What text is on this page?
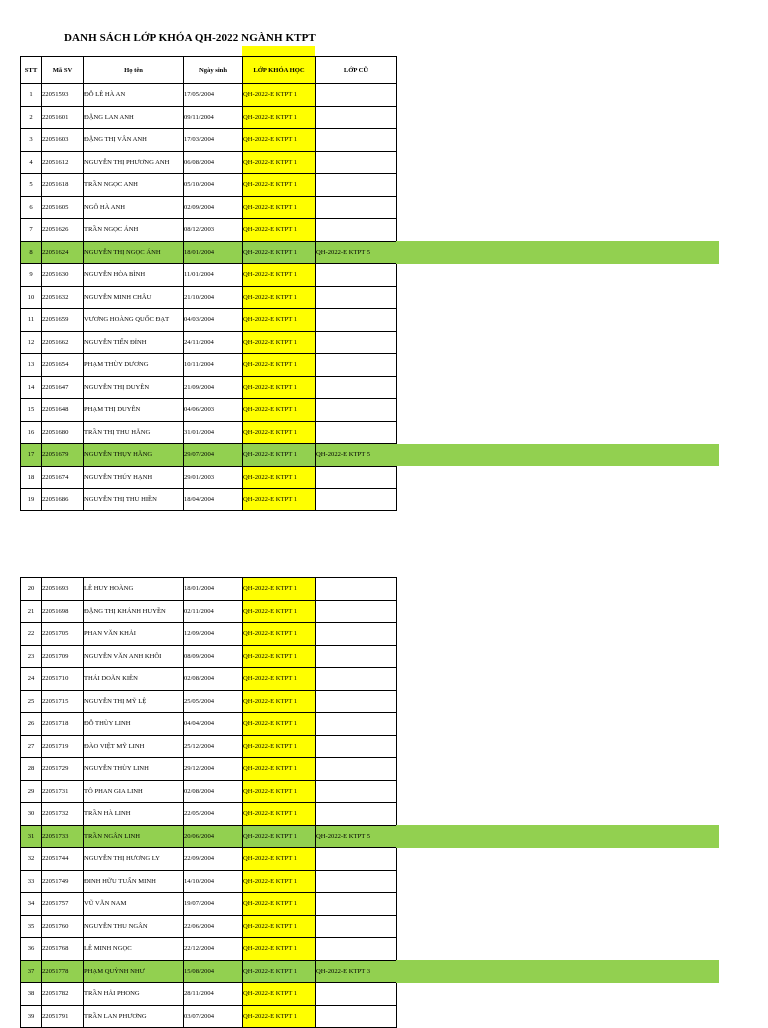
DANH SÁCH LỚP KHÓA QH-2022 NGÀNH KTPT
STT	Mã SV	Họ tên	Ngày sinh	LỚP KHÓA HỌC	LỚP CŨ
1	22051593	ĐỖ LÊ HÀ AN	17/05/2004	QH-2022-E KTPT 1	
2	22051601	ĐẶNG LAN ANH	09/11/2004	QH-2022-E KTPT 1	
3	22051603	ĐẶNG THỊ VÂN ANH	17/03/2004	QH-2022-E KTPT 1	
4	22051612	NGUYỄN THỊ PHƯƠNG ANH	06/08/2004	QH-2022-E KTPT 1	
5	22051618	TRẦN NGỌC ANH	05/10/2004	QH-2022-E KTPT 1	
6	22051605	NGÔ HÀ ANH	02/09/2004	QH-2022-E KTPT 1	
7	22051626	TRẦN NGỌC ÁNH	08/12/2003	QH-2022-E KTPT 1	
8	22051624	NGUYỄN THỊ NGỌC ÁNH	18/01/2004	QH-2022-E KTPT 1	QH-2022-E KTPT 5
9	22051630	NGUYỄN HÒA BÌNH	11/01/2004	QH-2022-E KTPT 1	
10	22051632	NGUYỄN MINH CHÂU	21/10/2004	QH-2022-E KTPT 1	
11	22051659	VƯƠNG HOÀNG QUỐC ĐẠT	04/03/2004	QH-2022-E KTPT 1	
12	22051662	NGUYỄN TIẾN ĐỈNH	24/11/2004	QH-2022-E KTPT 1	
13	22051654	PHẠM THÙY DƯƠNG	10/11/2004	QH-2022-E KTPT 1	
14	22051647	NGUYỄN THỊ DUYÊN	21/09/2004	QH-2022-E KTPT 1	
15	22051648	PHẠM THỊ DUYÊN	04/06/2003	QH-2022-E KTPT 1	
16	22051680	TRẦN THỊ THU HẰNG	31/01/2004	QH-2022-E KTPT 1	
17	22051679	NGUYỄN THỤY HẰNG	29/07/2004	QH-2022-E KTPT 1	QH-2022-E KTPT 5
18	22051674	NGUYỄN THÚY HẠNH	29/01/2003	QH-2022-E KTPT 1	
19	22051686	NGUYỄN THỊ THU HIỀN	18/04/2004	QH-2022-E KTPT 1	
20	22051693	LÊ HUY HOÀNG	18/01/2004	QH-2022-E KTPT 1	
21	22051698	ĐẶNG THỊ KHÁNH HUYỀN	02/11/2004	QH-2022-E KTPT 1	
22	22051705	PHAN VĂN KHẢI	12/09/2004	QH-2022-E KTPT 1	
23	22051709	NGUYỄN VĂN ANH KHÔI	08/09/2004	QH-2022-E KTPT 1	
24	22051710	THÁI DOÃN KIÊN	02/08/2004	QH-2022-E KTPT 1	
25	22051715	NGUYỄN THỊ MỸ LỆ	25/05/2004	QH-2022-E KTPT 1	
26	22051718	ĐỖ THÙY LINH	04/04/2004	QH-2022-E KTPT 1	
27	22051719	ĐÀO VIỆT MỸ LINH	25/12/2004	QH-2022-E KTPT 1	
28	22051729	NGUYỄN THÙY LINH	29/12/2004	QH-2022-E KTPT 1	
29	22051731	TÔ PHAN GIA LINH	02/08/2004	QH-2022-E KTPT 1	
30	22051732	TRẦN HÀ LINH	22/05/2004	QH-2022-E KTPT 1	
31	22051733	TRẦN NGÂN LINH	20/06/2004	QH-2022-E KTPT 1	QH-2022-E KTPT 5
32	22051744	NGUYỄN THỊ HƯƠNG LY	22/09/2004	QH-2022-E KTPT 1	
33	22051749	ĐINH HỮU TUẤN MINH	14/10/2004	QH-2022-E KTPT 1	
34	22051757	VŨ VĂN NAM	19/07/2004	QH-2022-E KTPT 1	
35	22051760	NGUYỄN THU NGÂN	22/06/2004	QH-2022-E KTPT 1	
36	22051768	LÊ MINH NGỌC	22/12/2004	QH-2022-E KTPT 1	
37	22051778	PHẠM QUỲNH NHƯ	15/08/2004	QH-2022-E KTPT 1	QH-2022-E KTPT 3
38	22051782	TRẦN HẢI PHONG	28/11/2004	QH-2022-E KTPT 1	
39	22051791	TRẦN LAN PHƯƠNG	03/07/2004	QH-2022-E KTPT 1	
